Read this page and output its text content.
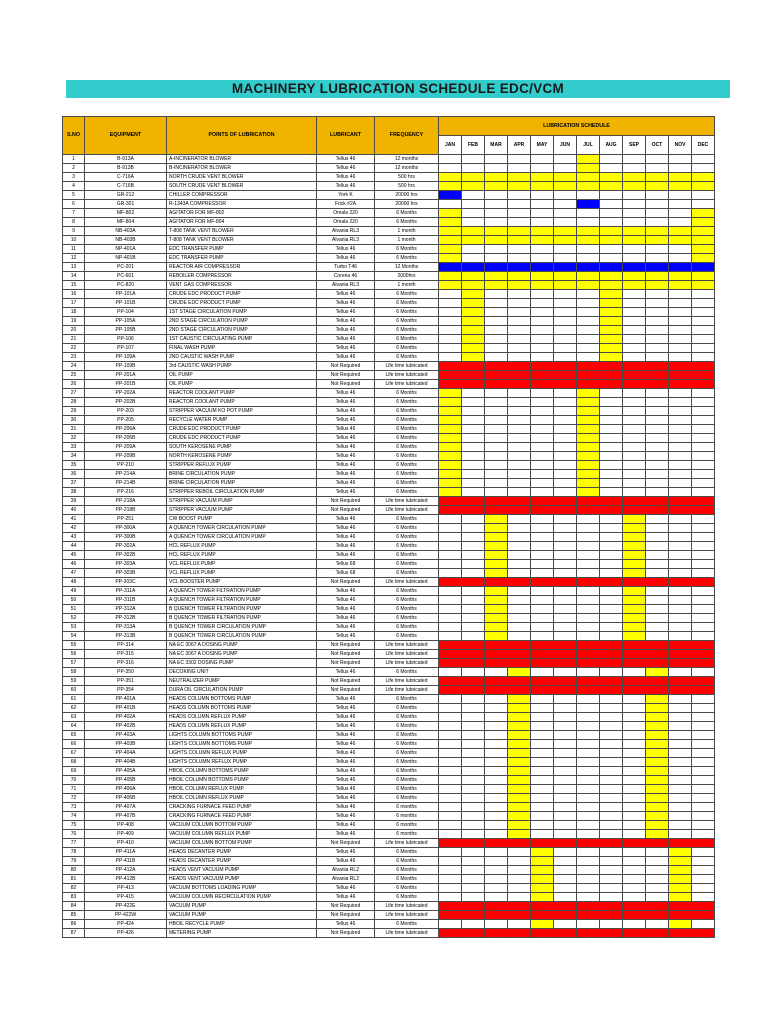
MACHINERY LUBRICATION SCHEDULE EDC/VCM
S.NO	EQUIPMENT	POINTS OF LUBRICATION	LUBRICANT	FREQUENCY	LUBRICATION SCHEDULE											
					JAN	FEB	MAR	APR	MAY	JUN	JUL	AUG	SEP	OCT	NOV	DEC
1	B-913A	A-INCINERATOR BLOWER	Tellus 46	12 months												
2	B-913B	B-INCINERATOR BLOWER	Tellus 46	12 months												
3	C-716A	NORTH CRUDE VENT BLOWER	Tellus 46	500 hrs												
4	C-716B	SOUTH CRUDE VENT BLOWER	Tellus 46	500 hrs												
5	GR-212	CHILLER COMPRESSOR	York K	20000 hrs												
6	GR-301	R-1343A COMPRESSOR	Frick #2A	20000 hrs												
7	MF-802	AGITATOR FOR MF-802	Omala 220	6 Months												
8	MF-804	AGITATOR FOR MF-804	Omala 220	6 Months												
9	NB-403A	T-808 TANK VENT BLOWER	Alvania RL3	1 month												
10	NB-403B	T-808 TANK VENT BLOWER	Alvania RL3	1 month												
11	NP-401A	EDC TRANSFER PUMP	Tellus 46	6 Months												
12	NP-401B	EDC TRANSFER PUMP	Tellus 46	6 Months												
13	PC-201	REACTOR AIR COMPRESSOR	Turbo T46	12 Months												
14	PC-601	REBOILER COMPRESSOR	Corena 46	2000hrs												
15	PC-820	VENT GAS COMPRESSOR	Alvania RL3	1 month												
16	PP-101A	CRUDE EDC PRODUCT PUMP	Tellus 46	6 Months												
17	PP-101B	CRUDE EDC PRODUCT PUMP	Tellus 46	6 Months												
18	PP-104	1ST STAGE CIRCULATION PUMP	Tellus 46	6 Months												
19	PP-105A	2ND STAGE CIRCULATION PUMP	Tellus 46	6 Months												
20	PP-105B	2ND STAGE CIRCULATION PUMP	Tellus 46	6 Months												
21	PP-106	1ST CAUSTIC CIRCULATING PUMP	Tellus 46	6 Months												
22	PP-107	FINAL WASH PUMP	Tellus 46	6 Months												
23	PP-109A	2ND CAUSTIC WASH PUMP	Tellus 46	6 Months												
24	PP-109B	3rd CAUSTIC WASH PUMP	Not Required	Life time lubricated												
25	PP-201A	OIL PUMP	Not Required	Life time lubricated												
26	PP-201B	OIL PUMP	Not Required	Life time lubricated												
27	PP-202A	REACTOR COOLANT PUMP	Tellus 46	6 Months												
28	PP-202B	REACTOR COOLANT PUMP	Tellus 46	6 Months												
29	PP-203	STRIPPER VACUUM KO POT PUMP	Tellus 46	6 Months												
30	PP-205	RECYCLE WATER PUMP	Tellus 46	6 Months												
31	PP-206A	CRUDE EDC PRODUCT PUMP	Tellus 46	6 Months												
32	PP-206B	CRUDE EDC PRODUCT PUMP	Tellus 46	6 Months												
33	PP-209A	SOUTH KEROSENE PUMP	Tellus 46	6 Months												
34	PP-209B	NORTH KEROSENE PUMP	Tellus 46	6 Months												
35	PP-210	STRIPPER REFLUX PUMP	Tellus 46	6 Months												
36	PP-214A	BRINE CIRCULATION PUMP	Tellus 46	6 Months												
37	PP-214B	BRINE CIRCULATION PUMP	Tellus 46	6 Months												
38	PP-216	STRIPPER REBOIL CIRCULATION PUMP	Tellus 46	6 Months												
39	PP-218A	STRIPPER VACUUM PUMP	Not Required	Life time lubricated												
40	PP-218B	STRIPPER VACUUM PUMP	Not Required	Life time lubricated												
41	PP-251	CW BOOST PUMP	Tellus 46	6 Months												
42	PP-300A	A QUENCH TOWER CIRCULATION PUMP	Tellus 46	6 Months												
43	PP-300B	A QUENCH TOWER CIRCULATION PUMP	Tellus 46	6 Months												
44	PP-302A	HCL REFLUX PUMP	Tellus 46	6 Months												
45	PP-302B	HCL REFLUX PUMP	Tellus 46	6 Months												
46	PP-303A	VCL REFLUX PUMP	Tellus 68	6 Months												
47	PP-303B	VCL REFLUX PUMP	Tellus 68	6 Months												
48	PP-303C	VCL BOOSTER PUMP	Not Required	Life time lubricated												
49	PP-311A	A QUENCH TOWER FILTRATION PUMP	Tellus 46	6 Months												
50	PP-311B	A QUENCH TOWER FILTRATION PUMP	Tellus 46	6 Months												
51	PP-312A	B QUENCH TOWER FILTRATION PUMP	Tellus 46	6 Months												
52	PP-312B	B QUENCH TOWER FILTRATION PUMP	Tellus 46	6 Months												
53	PP-313A	B QUENCH TOWER CIRCULATION PUMP	Tellus 46	6 Months												
54	PP-313B	B QUENCH TOWER CIRCULATION PUMP	Tellus 46	6 Months												
55	PP-314	NA EC 3067 A DOSING PUMP	Not Required	Life time lubricated												
56	PP-315	NA EC 3067 A DOSING PUMP	Not Required	Life time lubricated												
57	PP-316	NA EC 3302 DOSING PUMP	Not Required	Life time lubricated												
58	PP-350	DECOKING UNIT	Tellus 46	6 Months												
59	PP-351	NEUTRALIZER PUMP	Not Required	Life time lubricated												
60	PP-354	DURA OIL CIRCULATION PUMP	Not Required	Life time lubricated												
61	PP-401A	HEADS COLUMN BOTTOMS PUMP	Tellus 46	6 Months												
62	PP-401B	HEADS COLUMN BOTTOMS PUMP	Tellus 46	6 Months												
63	PP-402A	HEADS COLUMN REFLUX PUMP	Tellus 46	6 Months												
64	PP-402B	HEADS COLUMN REFLUX PUMP	Tellus 46	6 Months												
65	PP-403A	LIGHTS COLUMN BOTTOMS PUMP	Tellus 46	6 Months												
66	PP-403B	LIGHTS COLUMN BOTTOMS PUMP	Tellus 46	6 Months												
67	PP-404A	LIGHTS COLUMN REFLUX PUMP	Tellus 46	6 Months												
68	PP-404B	LIGHTS COLUMN REFLUX PUMP	Tellus 46	6 Months												
69	PP-405A	HBOIL COLUMN BOTTOMS PUMP	Tellus 46	6 Months												
70	PP-405B	HBOIL COLUMN BOTTOMS PUMP	Tellus 46	6 Months												
71	PP-406A	HBOIL COLUMN REFLUX PUMP	Tellus 46	6 Months												
72	PP-406B	HBOIL COLUMN REFLUX PUMP	Tellus 46	6 Months												
73	PP-407A	CRACKING FURNACE FEED PUMP	Tellus 46	6 months												
74	PP-407B	CRACKING FURNACE FEED PUMP	Tellus 46	6 months												
75	PP-408	VACUUM COLUMN BOTTOM PUMP	Tellus 46	6 months												
76	PP-409	VACUUM COLUMN REFLUX PUMP	Tellus 46	6 months												
77	PP-410	VACUUM COLUMN BOTTOM PUMP	Not Required	Life time lubricated												
78	PP-411A	HEADS DECANTER PUMP	Tellus 46	6 Months												
79	PP-411B	HEADS DECANTER PUMP	Tellus 46	6 Months												
80	PP-412A	HEADS VENT VACUUM PUMP	Alvania RL2	6 Months												
81	PP-412B	HEADS VENT VACUUM PUMP	Alvania RL2	6 Months												
82	PP-413	VACUUM BOTTOMS LOADING PUMP	Tellus 46	6 Months												
83	PP-415	VACUUM COLUMN RECIRCULATION PUMP	Tellus 46	6 Months												
84	PP-422E	VACUUM PUMP	Not Required	Life time lubricated												
85	PP-422W	VACUUM PUMP	Not Required	Life time lubricated												
86	PP-424	HBOIL RECYCLE PUMP	Tellus 46	6 Months												
87	PP-426	METERING PUMP	Not Required	Life time lubricated												
